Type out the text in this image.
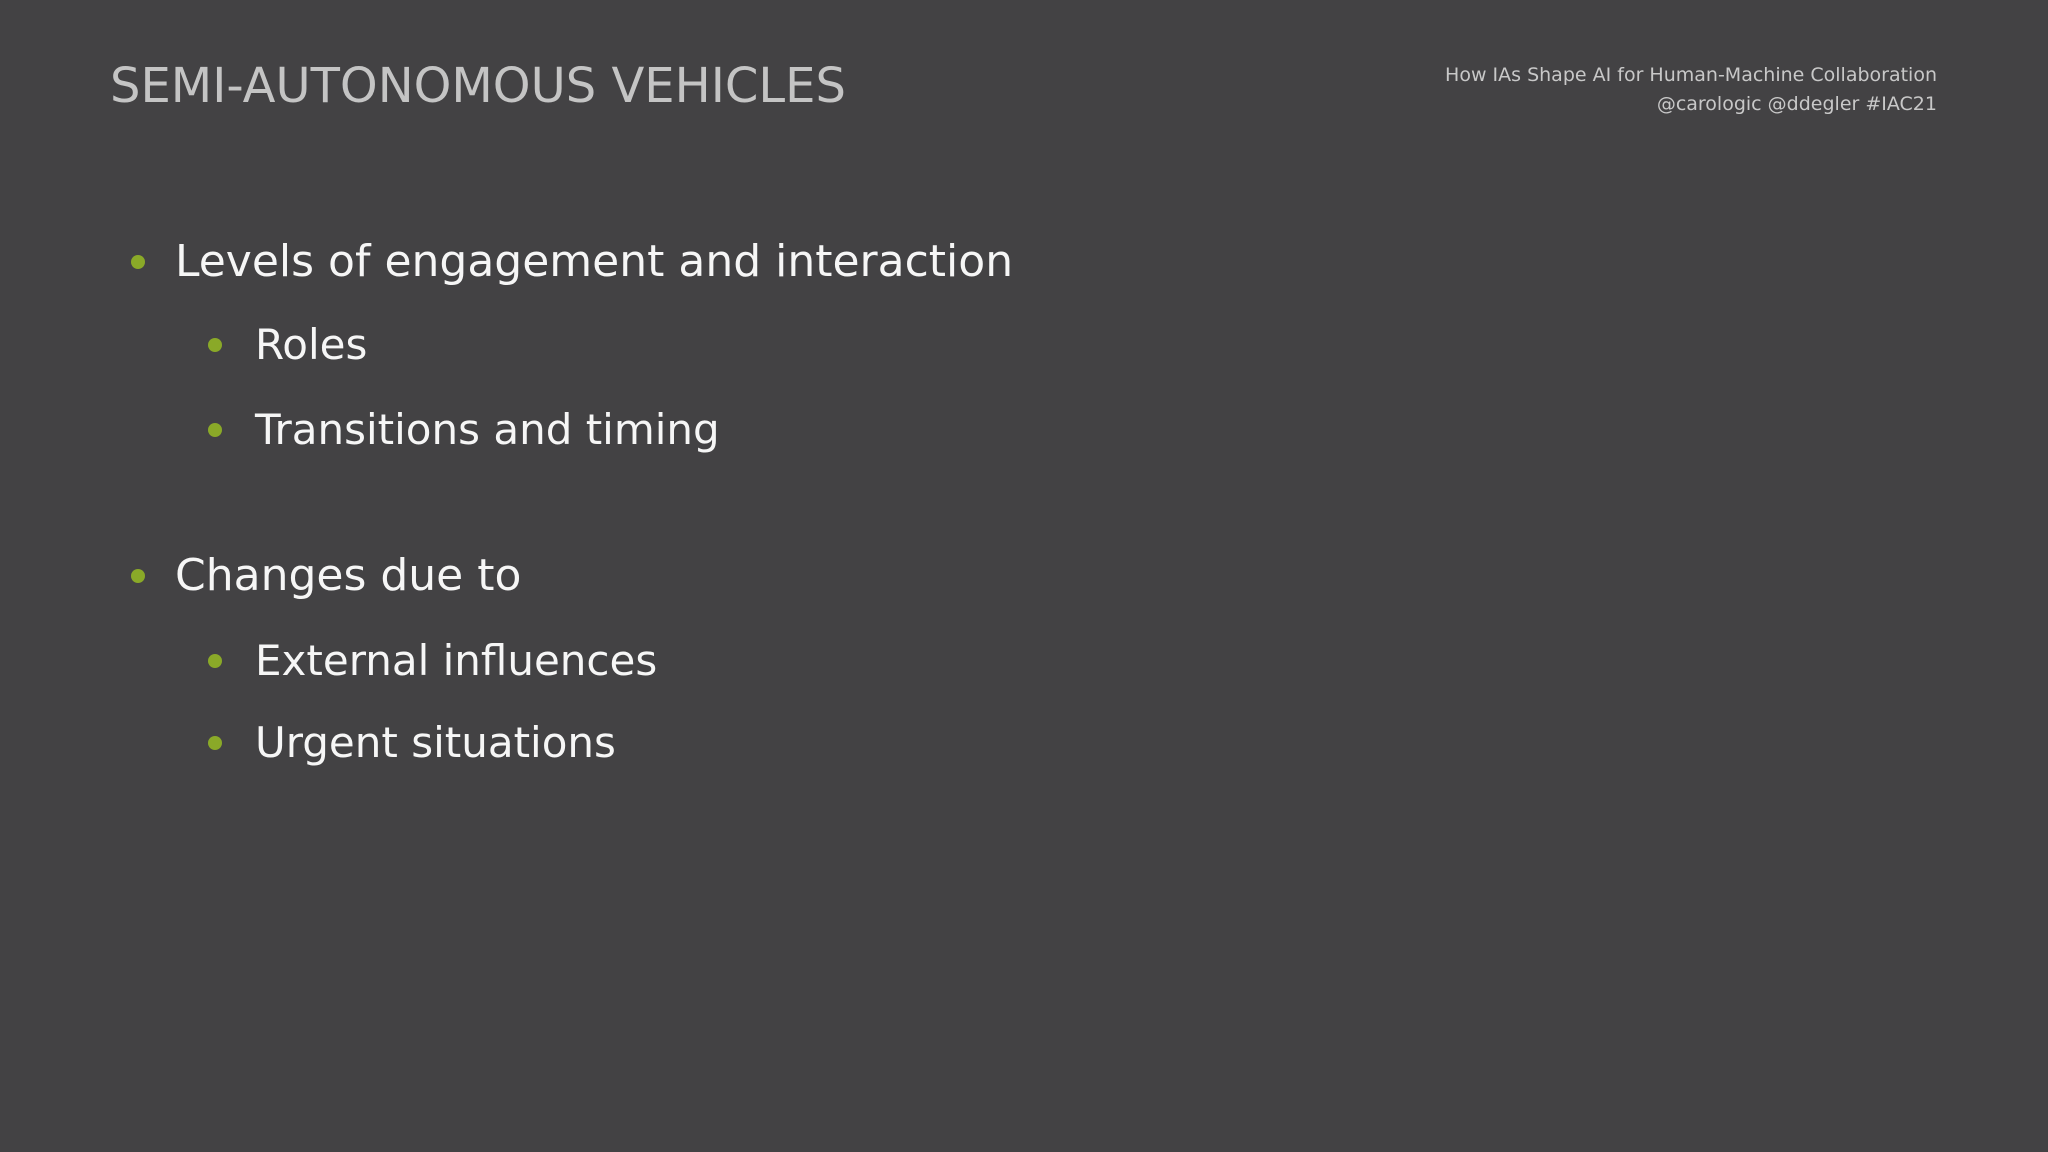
SEMI-AUTONOMOUS VEHICLES	How IAs Shape AI for Human-Machine Collaboration
@carologic @ddegler #IAC21
Levels of engagement and interaction
Roles
Transitions and timing
Changes due to
External influences
Urgent situations
